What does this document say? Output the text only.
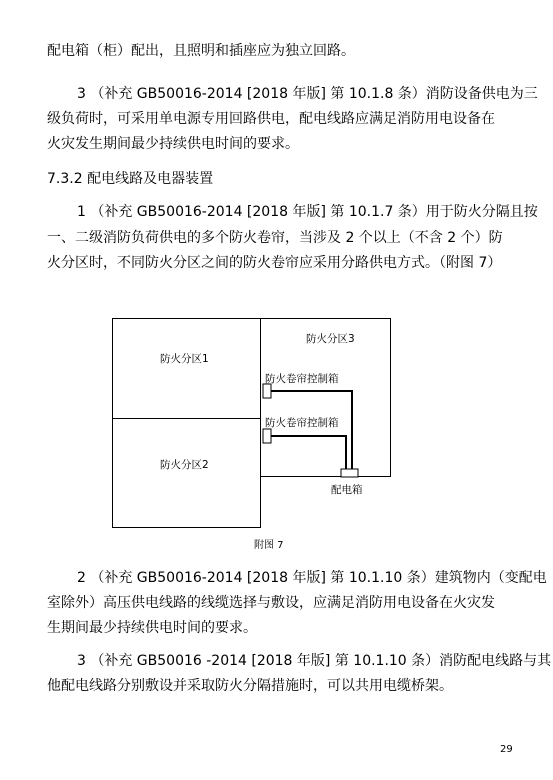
配电箱（柜）配出，且照明和插座应为独立回路。
3 （补充 GB50016-2014 [2018 年版] 第 10.1.8 条）消防设备供电为三
级负荷时，可采用单电源专用回路供电，配电线路应满足消防用电设备在
火灾发生期间最少持续供电时间的要求。
7.3.2 配电线路及电器装置
1 （补充 GB50016-2014 [2018 年版] 第 10.1.7 条）用于防火分隔且按
一、二级消防负荷供电的多个防火卷帘，当涉及 2 个以上（不含 2 个）防
火分区时，不同防火分区之间的防火卷帘应采用分路供电方式。（附图 7）
防火分区1
防火分区2
防火分区3
防火卷帘控制箱
防火卷帘控制箱
配电箱
附图 7
2 （补充 GB50016-2014 [2018 年版] 第 10.1.10 条）建筑物内（变配电
室除外）高压供电线路的线缆选择与敷设，应满足消防用电设备在火灾发
生期间最少持续供电时间的要求。
3 （补充 GB50016 -2014 [2018 年版] 第 10.1.10 条）消防配电线路与其
他配电线路分别敷设并采取防火分隔措施时，可以共用电缆桥架。
29
